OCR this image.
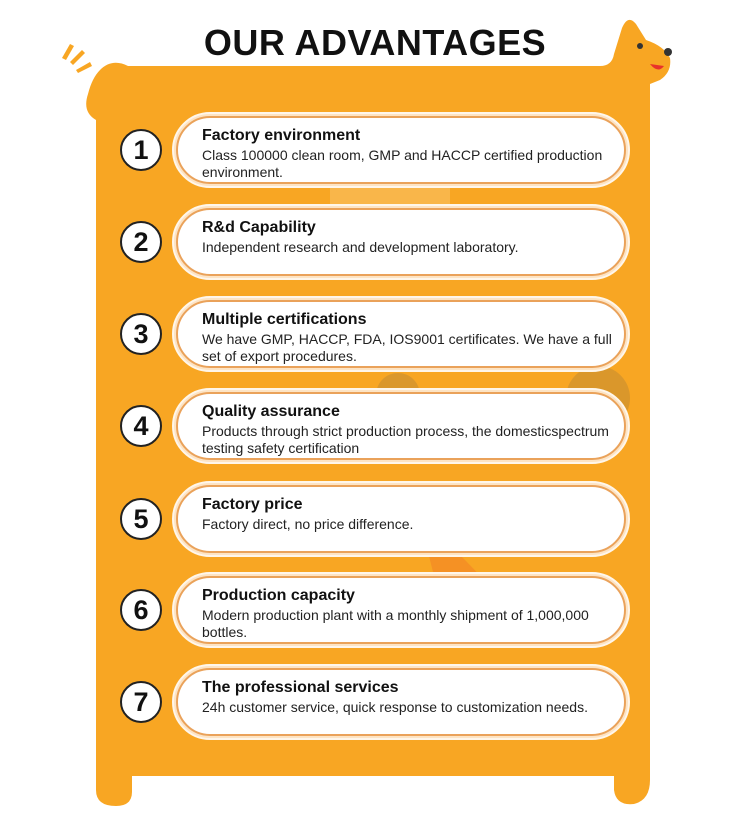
OUR ADVANTAGES
1	Factory environment
Class 100000 clean room, GMP and HACCP certified production environment.
2	R&d Capability
Independent research and development laboratory.
3	Multiple certifications
We have GMP, HACCP, FDA, IOS9001 certificates. We have a full set of export procedures.
4	Quality assurance
Products through strict production process, the domesticspectrum testing safety certification
5	Factory price
Factory direct, no price difference.
6	Production capacity
Modern production plant with a monthly shipment of 1,000,000 bottles.
7	The professional services
24h customer service, quick response to customization needs.
